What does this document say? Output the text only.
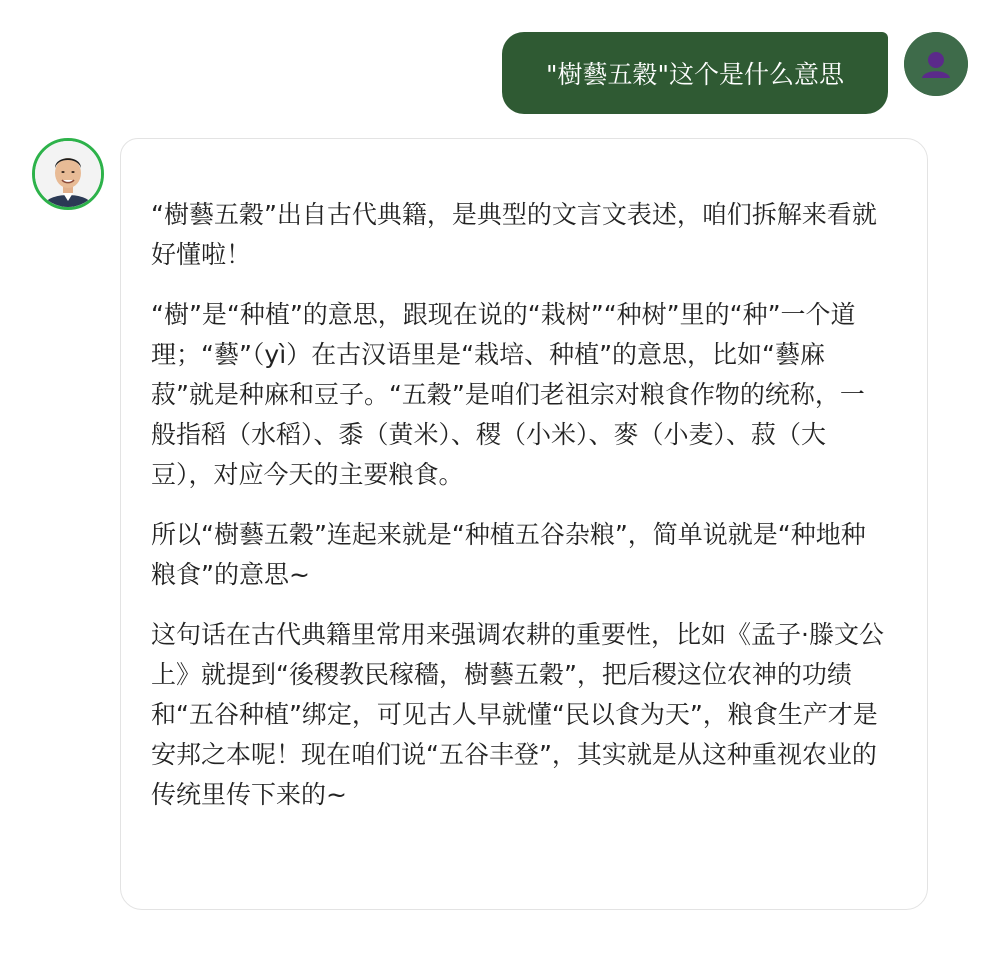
"樹藝五穀"这个是什么意思

“樹藝五穀”出自古代典籍，是典型的文言文表述，咱们拆解来看就好懂啦！

“樹”是“种植”的意思，跟现在说的“栽树”“种树”里的“种”一个道理；“藝”（yì）在古汉语里是“栽培、种植”的意思，比如“藝麻菽”就是种麻和豆子。“五穀”是咱们老祖宗对粮食作物的统称，一般指稻（水稻）、黍（黄米）、稷（小米）、麥（小麦）、菽（大豆），对应今天的主要粮食。

所以“樹藝五穀”连起来就是“种植五谷杂粮”，简单说就是“种地种粮食”的意思~

这句话在古代典籍里常用来强调农耕的重要性，比如《孟子·滕文公上》就提到“後稷教民稼穡，樹藝五穀”，把后稷这位农神的功绩和“五谷种植”绑定，可见古人早就懂“民以食为天”，粮食生产才是安邦之本呢！现在咱们说“五谷丰登”，其实就是从这种重视农业的传统里传下来的~
